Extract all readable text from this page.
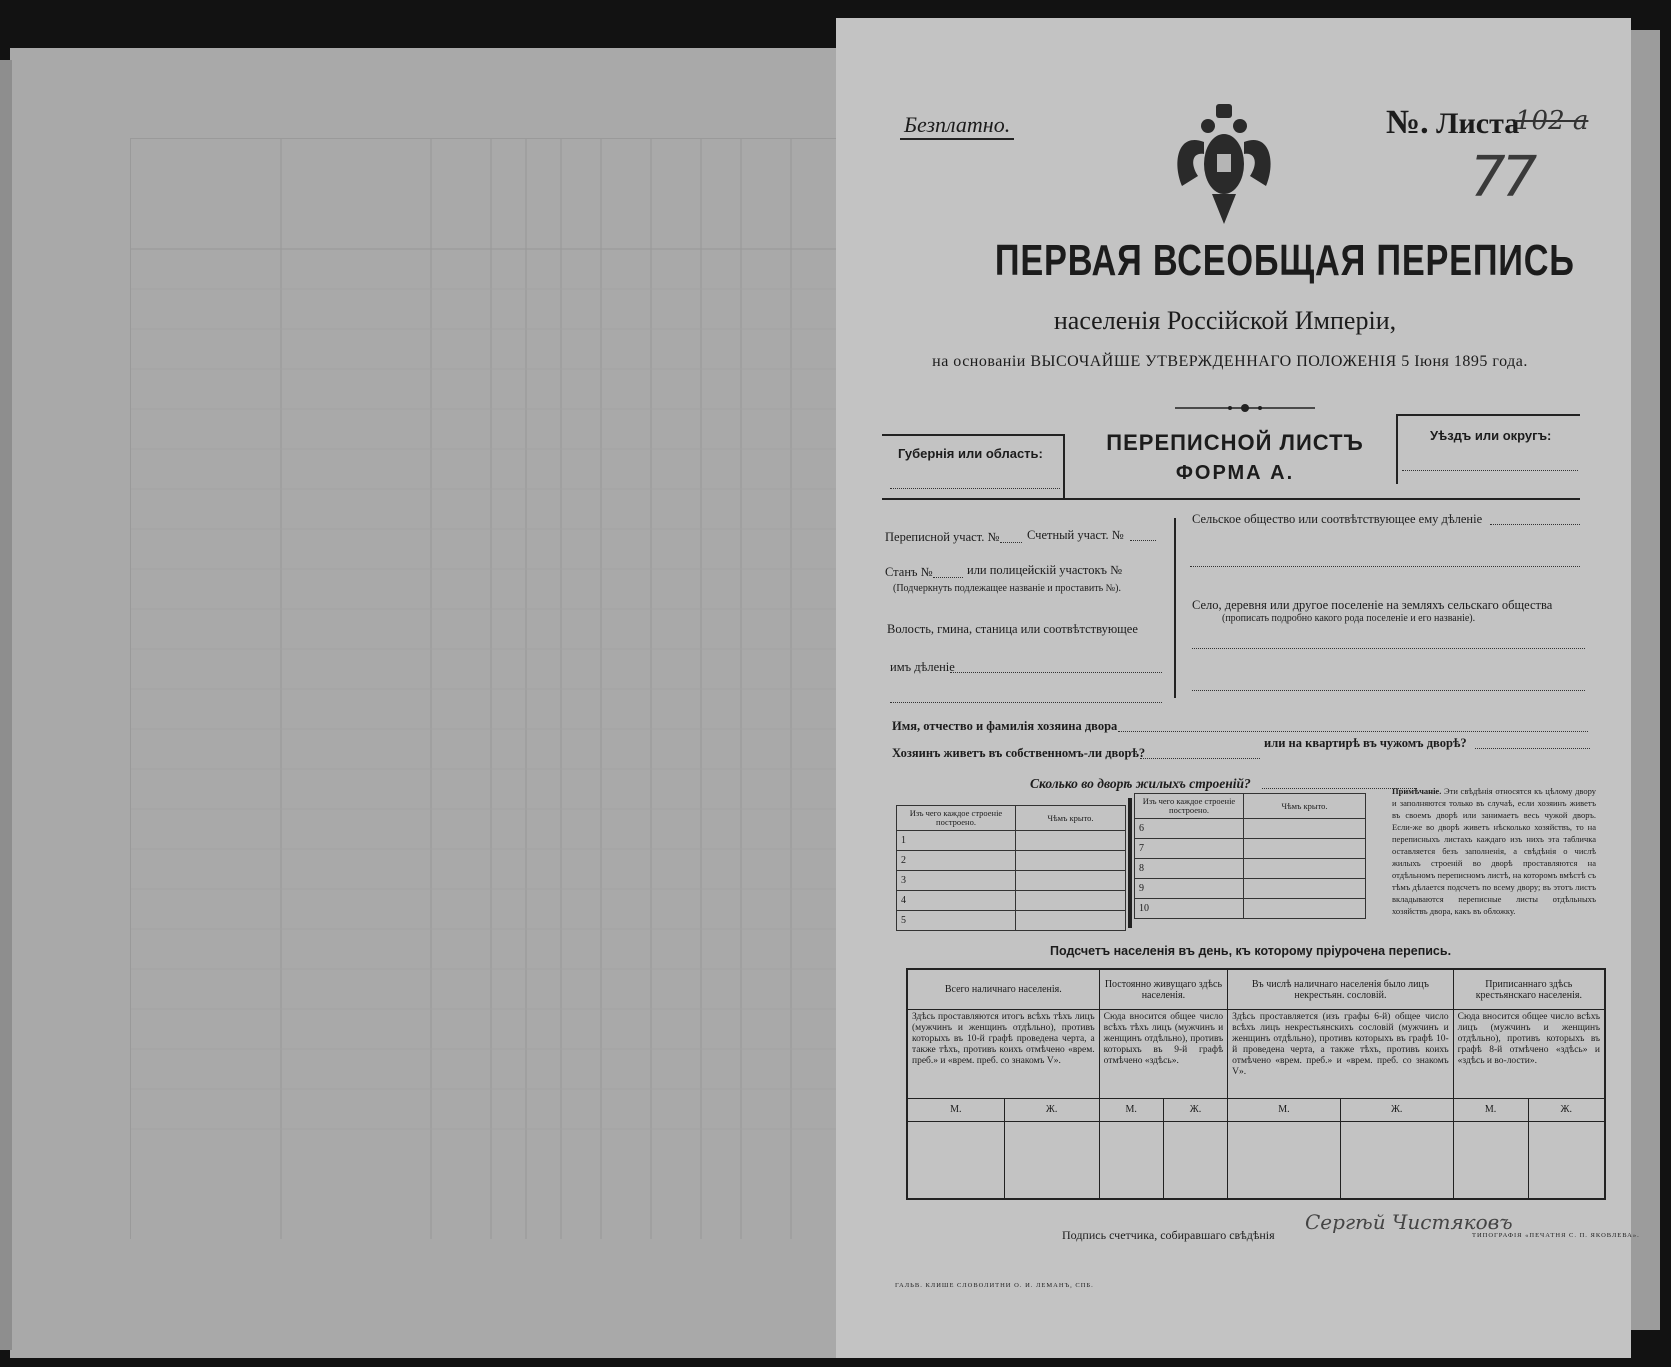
Безплатно.	№. Листа
102 а
77
ПЕРВАЯ ВСЕОБЩАЯ ПЕРЕПИСЬ
населенія Россійской Имперіи,
на основаніи ВЫСОЧАЙШЕ УТВЕРЖДЕННАГО ПОЛОЖЕНІЯ 5 Іюня 1895 года.
Губернія или область:	ПЕРЕПИСНОЙ ЛИСТЪ
ФОРМА А.
Уѣздъ или округъ:
Переписной участ. № Счетный участ. №
Станъ №	или полицейскій участокъ №
(Подчеркнуть подлежащее названіе и проставить №).
Волость, гмина, станица или соотвѣтствующее
имъ дѣленіе
Сельское общество или соотвѣтствующее ему дѣленіе
Село, деревня или другое поселеніе на земляхъ сельскаго общества
(прописать подробно какого рода поселеніе и его названіе).
Имя, отчество и фамилія хозяина двора
Хозяинъ живетъ въ собственномъ-ли дворѣ?
или на квартирѣ въ чужомъ дворѣ?
Сколько во дворѣ жилыхъ строеній?
Изъ чего каждое строеніе построено.	Чѣмъ крыто.
1	
2	
3	
4	
5	
Изъ чего каждое строеніе построено.	Чѣмъ крыто.
6	
7	
8	
9	
10	
Примѣчаніе. Эти свѣдѣнія относятся къ цѣлому двору и заполняются только въ случаѣ, если хозяинъ живетъ въ своемъ дворѣ или занимаетъ весь чужой дворъ. Если-же во дворѣ живетъ нѣсколько хозяйствъ, то на переписныхъ листахъ каждаго изъ нихъ эта табличка оставляется безъ заполненія, а свѣдѣнія о числѣ жилыхъ строеній во дворѣ проставляются на отдѣльномъ переписномъ листѣ, на которомъ вмѣстѣ съ тѣмъ дѣлается подсчетъ по всему двору; въ этотъ листъ вкладываются переписные листы отдѣльныхъ хозяйствъ двора, какъ въ обложку.
Подсчетъ населенія въ день, къ которому пріурочена перепись.
Всего наличнаго населенія.		Постоянно живущаго здѣсь населенія.		Въ числѣ наличнаго населенія было лицъ некрестьян. сословій.		Приписаннаго здѣсь крестьянскаго населенія.	
Здѣсь проставляются итогъ всѣхъ тѣхъ лицъ (мужчинъ и женщинъ отдѣльно), противъ которыхъ въ 10-й графѣ проведена черта, а также тѣхъ, противъ коихъ отмѣчено «врем. преб.» и «врем. преб. со знакомъ V».		Сюда вносится общее число всѣхъ тѣхъ лицъ (мужчинъ и женщинъ отдѣльно), противъ которыхъ въ 9-й графѣ отмѣчено «здѣсь».		Здѣсь проставляется (изъ графы 6-й) общее число всѣхъ лицъ некрестьянскихъ сословій (мужчинъ и женщинъ отдѣльно), противъ которыхъ въ графѣ 10-й проведена черта, а также тѣхъ, противъ коихъ отмѣчено «врем. преб.» и «врем. преб. со знакомъ V».		Сюда вносится общее число всѣхъ лицъ (мужчинъ и женщинъ отдѣльно), противъ которыхъ въ графѣ 8-й отмѣчено «здѣсь» и «здѣсь и во-лости».	
М.	Ж.	М.	Ж.	М.	Ж.	М.	Ж.

Подпись счетчика, собиравшаго свѣдѣнія
Сергѣй Чистяковъ
ГАЛЬВ. КЛИШЕ СЛОВОЛИТНИ О. И. ЛЕМАНЪ, СПБ.
ТИПОГРАФІЯ «ПЕЧАТНЯ С. П. ЯКОВЛЕВА».
